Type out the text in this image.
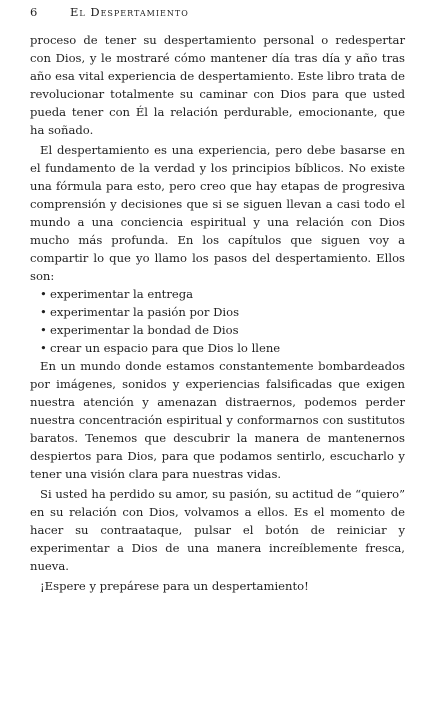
6	El Despertamiento

proceso de tener su despertamiento personal o redespertar con Dios, y le mostraré cómo mantener día tras día y año tras año esa vital experiencia de despertamiento. Este libro trata de revolucionar totalmente su caminar con Dios para que usted pueda tener con Él la relación perdurable, emocionante, que ha soñado.

El despertamiento es una experiencia, pero debe basarse en el fundamento de la verdad y los principios bíblicos. No existe una fórmula para esto, pero creo que hay etapas de progresiva comprensión y decisiones que si se siguen llevan a casi todo el mundo a una conciencia espiritual y una relación con Dios mucho más profunda. En los capítulos que siguen voy a compartir lo que yo llamo los pasos del despertamiento. Ellos son:

• experimentar la entrega
• experimentar la pasión por Dios
• experimentar la bondad de Dios
• crear un espacio para que Dios lo llene

En un mundo donde estamos constantemente bombardeados por imágenes, sonidos y experiencias falsificadas que exigen nuestra atención y amenazan distraernos, podemos perder nuestra concentración espiritual y conformarnos con sustitutos baratos. Tenemos que descubrir la manera de mantenernos despiertos para Dios, para que podamos sentirlo, escucharlo y tener una visión clara para nuestras vidas.

Si usted ha perdido su amor, su pasión, su actitud de “quiero” en su relación con Dios, volvamos a ellos. Es el momento de hacer su contraataque, pulsar el botón de reiniciar y experimentar a Dios de una manera increíblemente fresca, nueva.

¡Espere y prepárese para un despertamiento!
